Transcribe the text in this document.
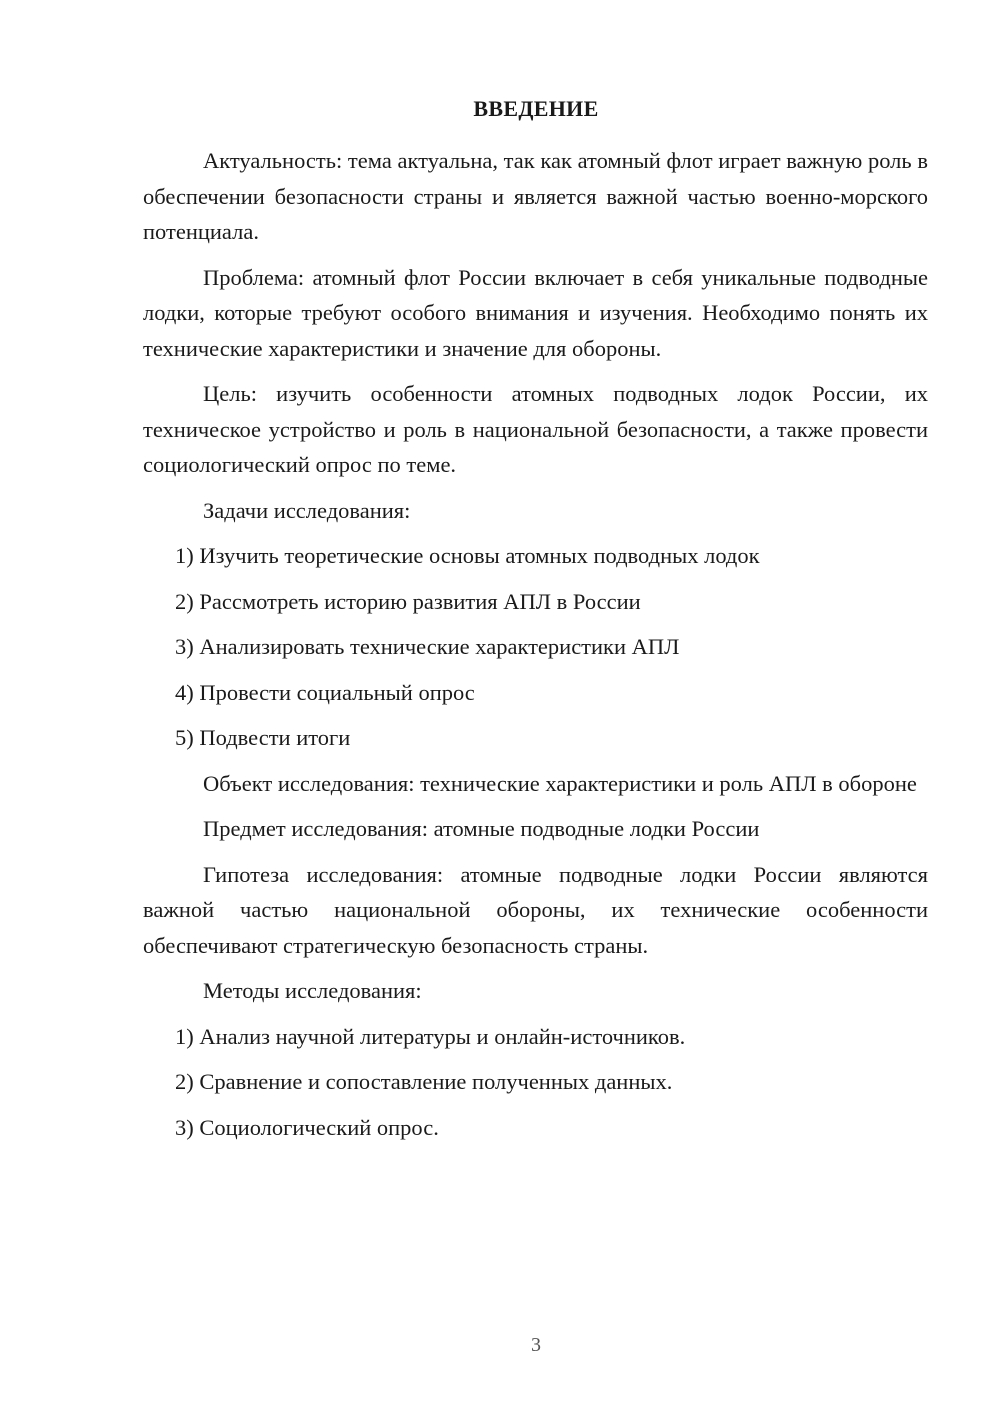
ВВЕДЕНИЕ

Актуальность: тема актуальна, так как атомный флот играет важную роль в обеспечении безопасности страны и является важной частью военно-морского потенциала.

Проблема: атомный флот России включает в себя уникальные подводные лодки, которые требуют особого внимания и изучения. Необходимо понять их технические характеристики и значение для обороны.

Цель: изучить особенности атомных подводных лодок России, их техническое устройство и роль в национальной безопасности, а также провести социологический опрос по теме.

Задачи исследования:

1) Изучить теоретические основы атомных подводных лодок

2) Рассмотреть историю развития АПЛ в России

3) Анализировать технические характеристики АПЛ

4) Провести социальный опрос

5) Подвести итоги

Объект исследования: технические характеристики и роль АПЛ в обороне

Предмет исследования: атомные подводные лодки России

Гипотеза исследования: атомные подводные лодки России являются важной частью национальной обороны, их технические особенности обеспечивают стратегическую безопасность страны.

Методы исследования:

1) Анализ научной литературы и онлайн-источников.

2) Сравнение и сопоставление полученных данных.

3) Социологический опрос.

3
